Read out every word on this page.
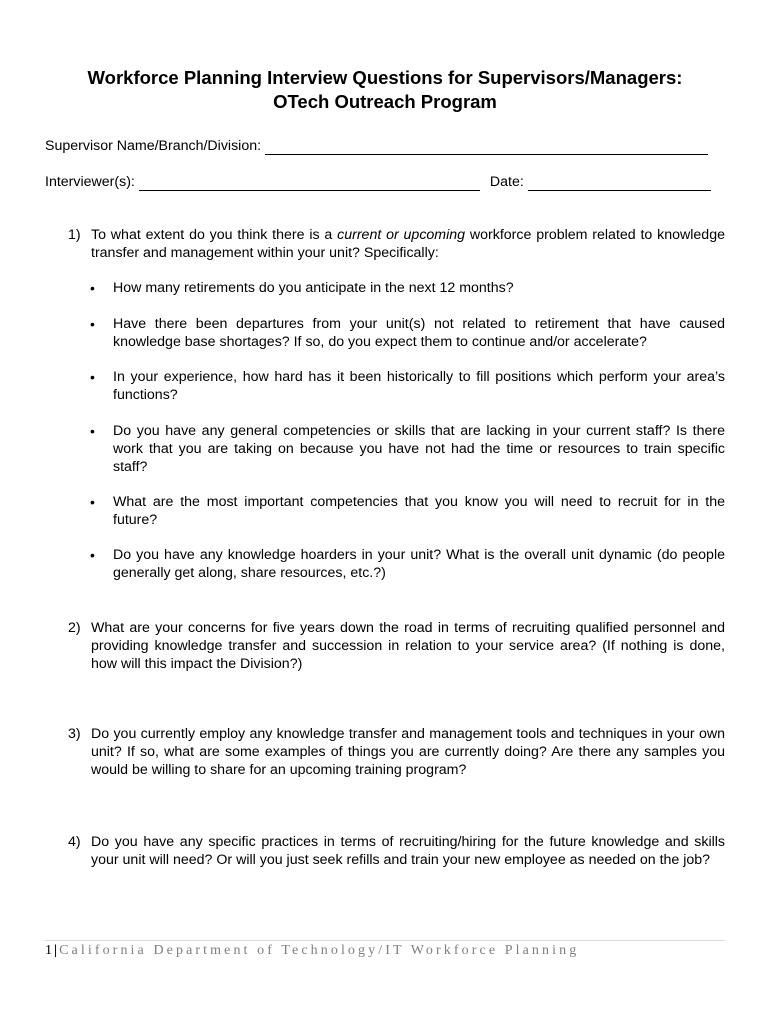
Workforce Planning Interview Questions for Supervisors/Managers:
OTech Outreach Program
Supervisor Name/Branch/Division:
Interviewer(s):	Date:
1) To what extent do you think there is a current or upcoming workforce problem related to knowledge transfer and management within your unit? Specifically:
•	How many retirements do you anticipate in the next 12 months?
•	Have there been departures from your unit(s) not related to retirement that have caused knowledge base shortages? If so, do you expect them to continue and/or accelerate?
•	In your experience, how hard has it been historically to fill positions which perform your area’s functions?
•	Do you have any general competencies or skills that are lacking in your current staff? Is there work that you are taking on because you have not had the time or resources to train specific staff?
•	What are the most important competencies that you know you will need to recruit for in the future?
•	Do you have any knowledge hoarders in your unit? What is the overall unit dynamic (do people generally get along, share resources, etc.?)
2) What are your concerns for five years down the road in terms of recruiting qualified personnel and providing knowledge transfer and succession in relation to your service area? (If nothing is done, how will this impact the Division?)
3) Do you currently employ any knowledge transfer and management tools and techniques in your own unit? If so, what are some examples of things you are currently doing? Are there any samples you would be willing to share for an upcoming training program?
4) Do you have any specific practices in terms of recruiting/hiring for the future knowledge and skills your unit will need? Or will you just seek refills and train your new employee as needed on the job?
1 | California Department of Technology/IT Workforce Planning
